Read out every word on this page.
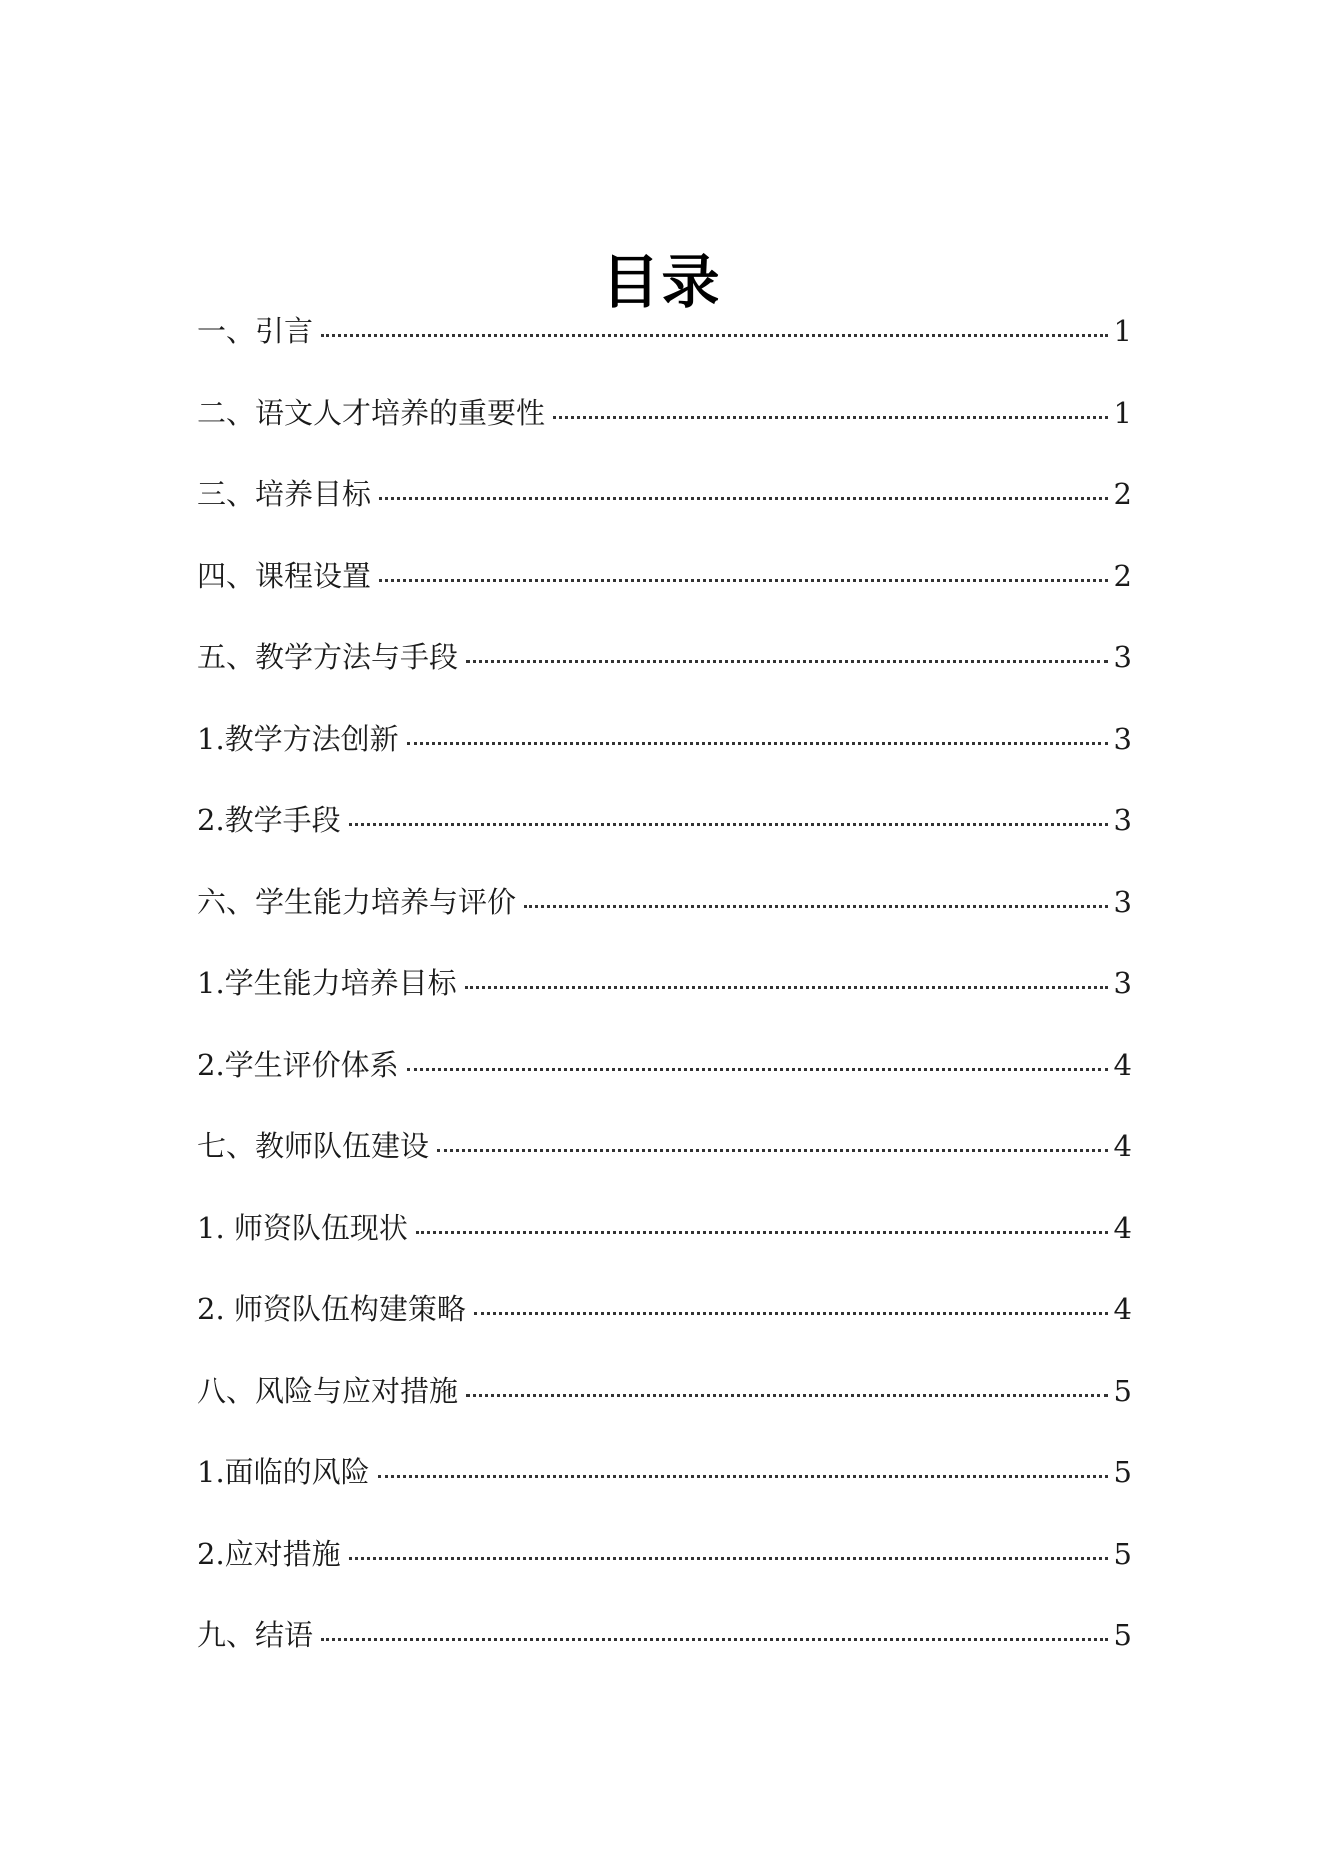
目录
一、引言	1
二、语文人才培养的重要性	1
三、培养目标	2
四、课程设置	2
五、教学方法与手段	3
1.教学方法创新	3
2.教学手段	3
六、学生能力培养与评价	3
1.学生能力培养目标	3
2.学生评价体系	4
七、教师队伍建设	4
1. 师资队伍现状	4
2. 师资队伍构建策略	4
八、风险与应对措施	5
1.面临的风险	5
2.应对措施	5
九、结语	5
